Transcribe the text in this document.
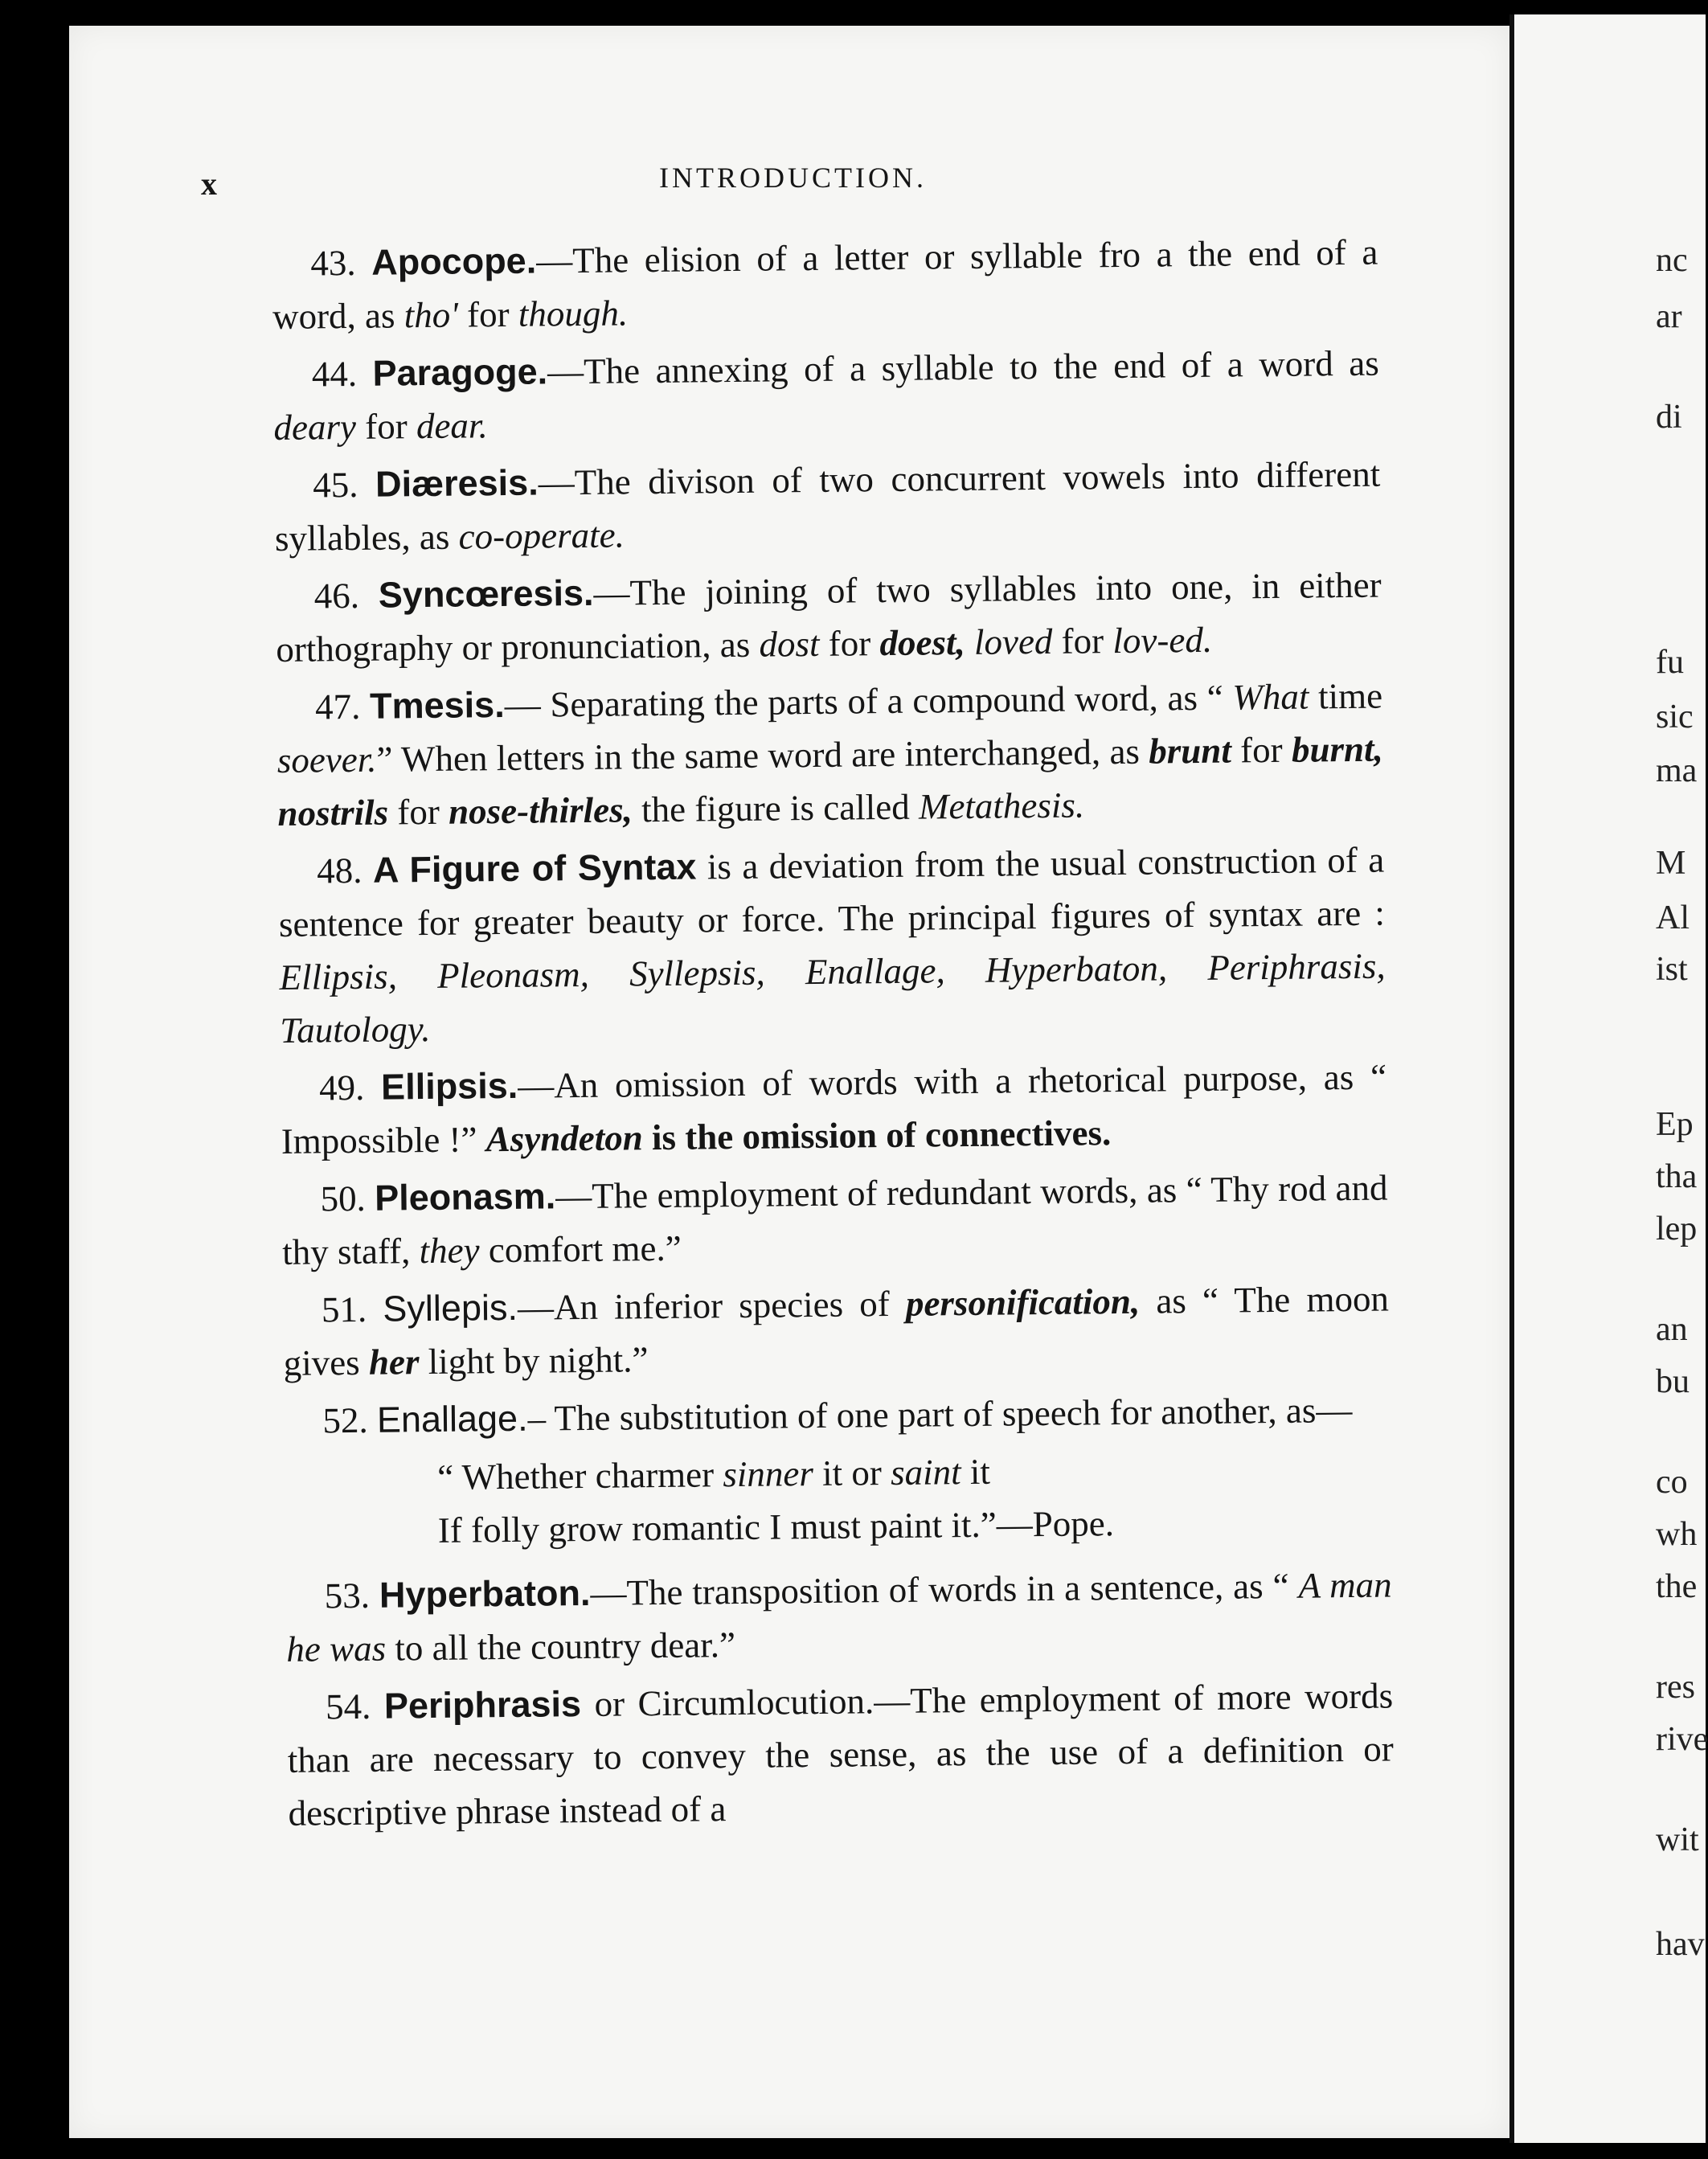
x	INTRODUCTION.

43. Apocope.—The elision of a letter or syllable fro a the end of a word, as tho' for though.

44. Paragoge.—The annexing of a syllable to the end of a word as deary for dear.

45. Diæresis.—The divison of two concurrent vowels into different syllables, as co-operate.

46. Syncœresis.—The joining of two syllables into one, in either orthography or pronunciation, as dost for doest, loved for lov-ed.

47. Tmesis.— Separating the parts of a compound word, as “ What time soever.” When letters in the same word are interchanged, as brunt for burnt, nostrils for nose-thirles, the figure is called Metathesis.

48. A Figure of Syntax is a deviation from the usual construction of a sentence for greater beauty or force. The principal figures of syntax are : Ellipsis, Pleonasm, Syllepsis, Enallage, Hyperbaton, Periphrasis, Tautology.

49. Ellipsis.—An omission of words with a rhetorical purpose, as “ Impossible !” Asyndeton is the omission of connectives.

50. Pleonasm.—The employment of redundant words, as “ Thy rod and thy staff, they comfort me.”

51. Syllepis.—An inferior species of personification, as “ The moon gives her light by night.”

52. Enallage.– The substitution of one part of speech for another, as—

“ Whether charmer sinner it or saint it
If folly grow romantic I must paint it.”—Pope.

53. Hyperbaton.—The transposition of words in a sentence, as “ A man he was to all the country dear.”

54. Periphrasis or Circumlocution.—The employment of more words than are necessary to convey the sense, as the use of a definition or descriptive phrase instead of a

nc
ar
di
fu
sic
ma
M
Al
ist
Ep
tha
lep
an
bu
co
wh
the
res
rive
wit
hav
